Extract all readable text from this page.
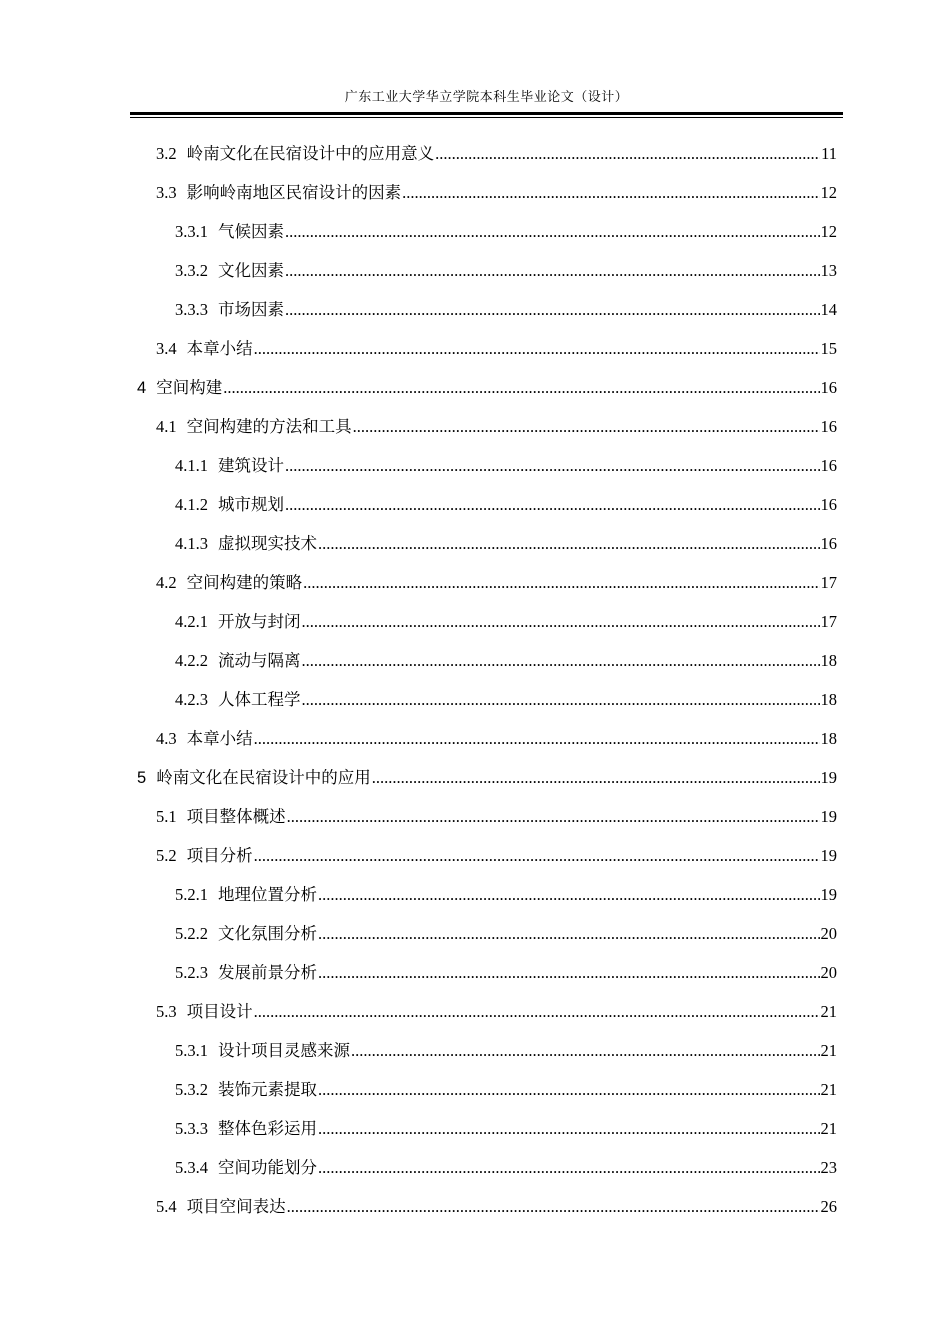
广东工业大学华立学院本科生毕业论文（设计）
3.2 岭南文化在民宿设计中的应用意义 .....	11
3.3 影响岭南地区民宿设计的因素 .....	12
3.3.1 气候因素 .....	12
3.3.2 文化因素 .....	13
3.3.3 市场因素 .....	14
3.4 本章小结 .....	15
4 空间构建 .....	16
4.1 空间构建的方法和工具 .....	16
4.1.1 建筑设计 .....	16
4.1.2 城市规划 .....	16
4.1.3 虚拟现实技术 .....	16
4.2 空间构建的策略 .....	17
4.2.1 开放与封闭 .....	17
4.2.2 流动与隔离 .....	18
4.2.3 人体工程学 .....	18
4.3 本章小结 .....	18
5 岭南文化在民宿设计中的应用 .....	19
5.1 项目整体概述 .....	19
5.2 项目分析 .....	19
5.2.1 地理位置分析 .....	19
5.2.2 文化氛围分析 .....	20
5.2.3 发展前景分析 .....	20
5.3 项目设计 .....	21
5.3.1 设计项目灵感来源 .....	21
5.3.2 装饰元素提取 .....	21
5.3.3 整体色彩运用 .....	21
5.3.4 空间功能划分 .....	23
5.4 项目空间表达 .....	26
